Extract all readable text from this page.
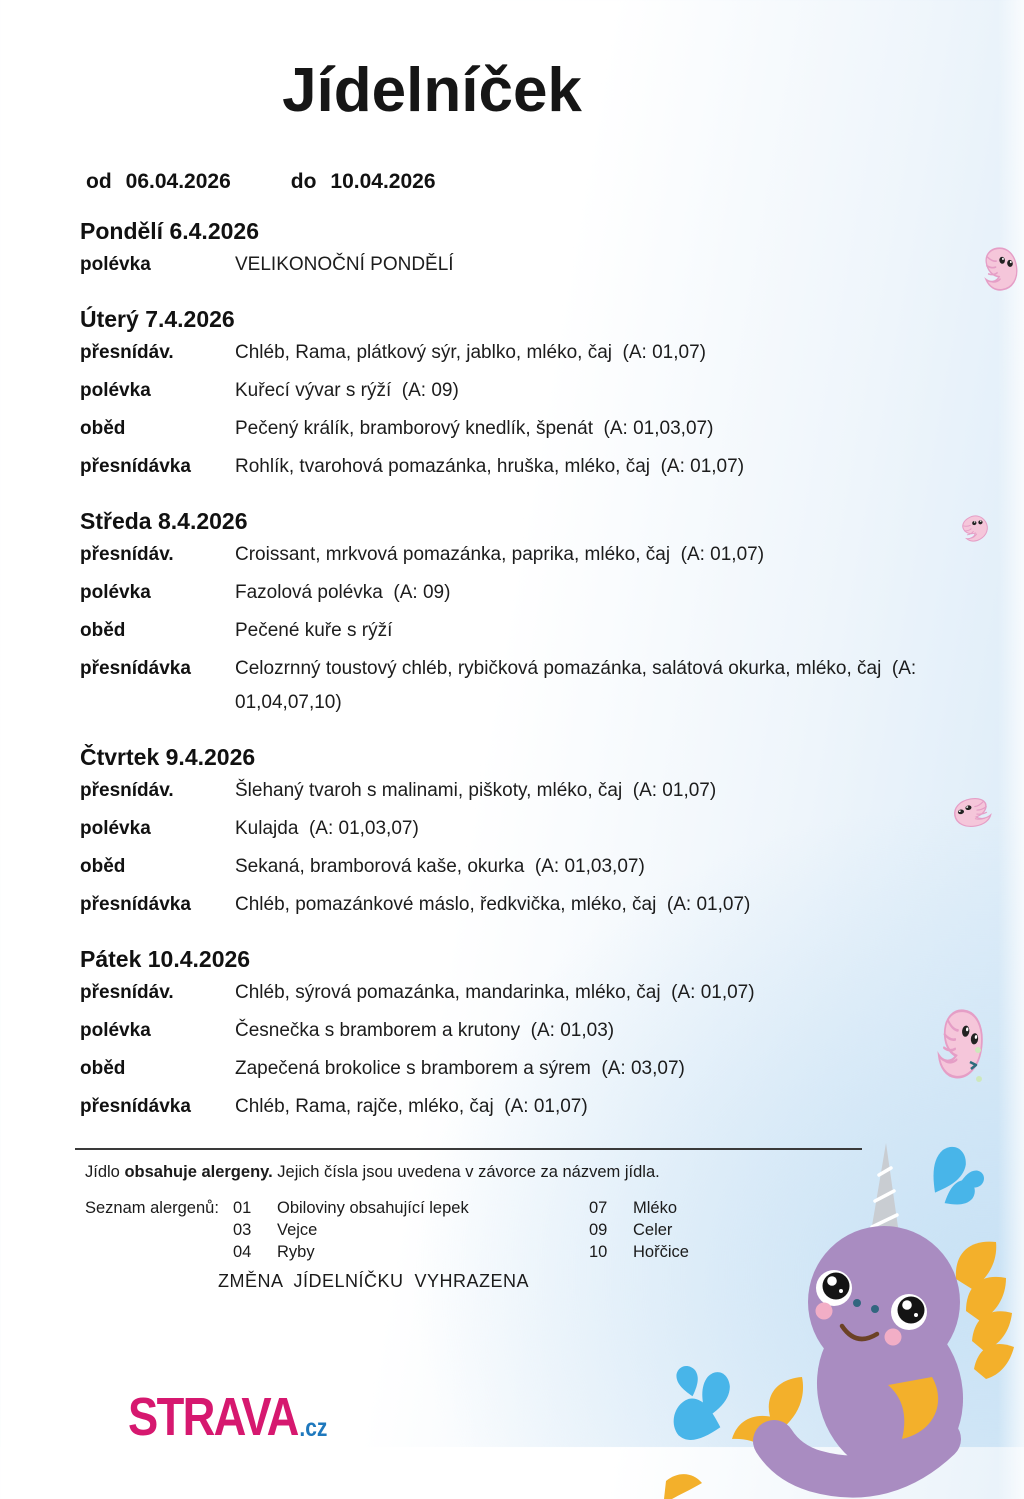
Jídelníček
od 06.04.2026	do 10.04.2026
Pondělí 6.4.2026
polévka	VELIKONOČNÍ PONDĚLÍ
Úterý 7.4.2026
přesnídáv.	Chléb, Rama, plátkový sýr, jablko, mléko, čaj  (A: 01,07)
polévka	Kuřecí vývar s rýží  (A: 09)
oběd	Pečený králík, bramborový knedlík, špenát  (A: 01,03,07)
přesnídávka	Rohlík, tvarohová pomazánka, hruška, mléko, čaj  (A: 01,07)
Středa 8.4.2026
přesnídáv.	Croissant, mrkvová pomazánka, paprika, mléko, čaj  (A: 01,07)
polévka	Fazolová polévka  (A: 09)
oběd	Pečené kuře s rýží
přesnídávka	Celozrnný toustový chléb, rybičková pomazánka, salátová okurka, mléko, čaj  (A: 01,04,07,10)
Čtvrtek 9.4.2026
přesnídáv.	Šlehaný tvaroh s malinami, piškoty, mléko, čaj  (A: 01,07)
polévka	Kulajda  (A: 01,03,07)
oběd	Sekaná, bramborová kaše, okurka  (A: 01,03,07)
přesnídávka	Chléb, pomazánkové máslo, ředkvička, mléko, čaj  (A: 01,07)
Pátek 10.4.2026
přesnídáv.	Chléb, sýrová pomazánka, mandarinka, mléko, čaj  (A: 01,07)
polévka	Česnečka s bramborem a krutony  (A: 01,03)
oběd	Zapečená brokolice s bramborem a sýrem  (A: 03,07)
přesnídávka	Chléb, Rama, rajče, mléko, čaj  (A: 01,07)
Jídlo obsahuje alergeny. Jejich čísla jsou uvedena v závorce za názvem jídla.
Seznam alergenů: 01	Obiloviny obsahující lepek	07	Mléko
03	Vejce	09	Celer
04	Ryby	10	Hořčice
ZMĚNA  JÍDELNÍČKU  VYHRAZENA
STRAVA .cz
